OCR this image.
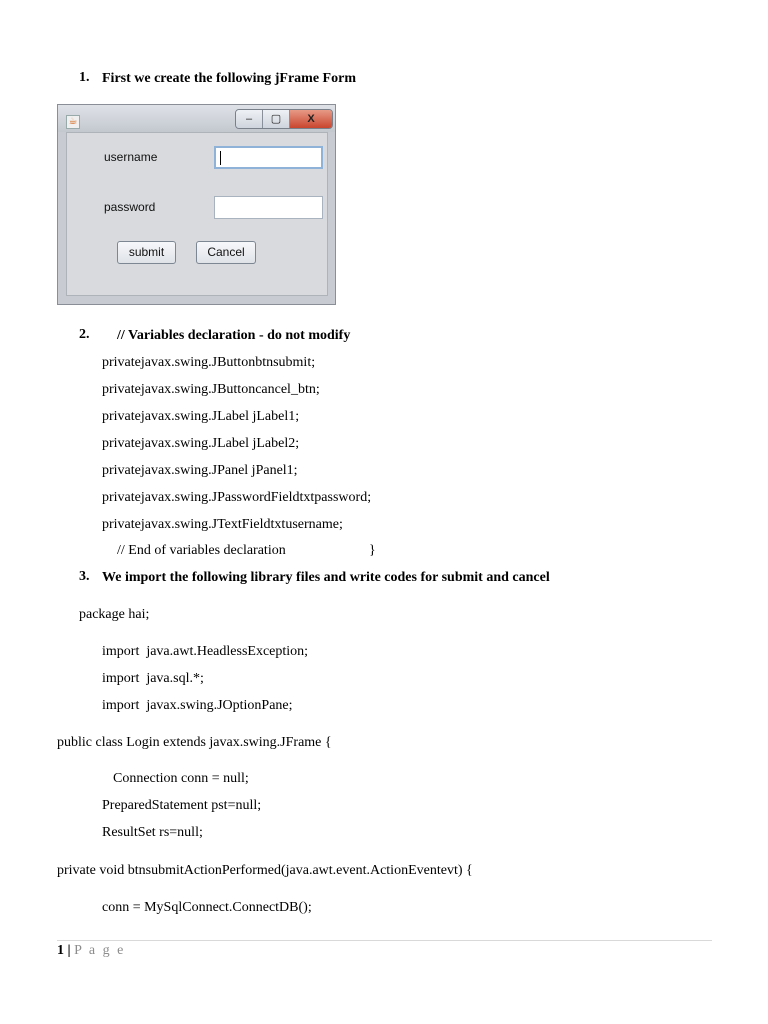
1. First we create the following jFrame Form
☕	–	▢	X
username
password
submit	Cancel
2. // Variables declaration - do not modify
privatejavax.swing.JButtonbtnsubmit;
privatejavax.swing.JButtoncancel_btn;
privatejavax.swing.JLabel jLabel1;
privatejavax.swing.JLabel jLabel2;
privatejavax.swing.JPanel jPanel1;
privatejavax.swing.JPasswordFieldtxtpassword;
privatejavax.swing.JTextFieldtxtusername;
// End of variables declaration	}
3. We import the following library files and write codes for submit and cancel
package hai;
import  java.awt.HeadlessException;
import  java.sql.*;
import  javax.swing.JOptionPane;
public class Login extends javax.swing.JFrame {
Connection conn = null;
PreparedStatement pst=null;
ResultSet rs=null;
private void btnsubmitActionPerformed(java.awt.event.ActionEventevt) {
conn = MySqlConnect.ConnectDB();
1 | P a g e
